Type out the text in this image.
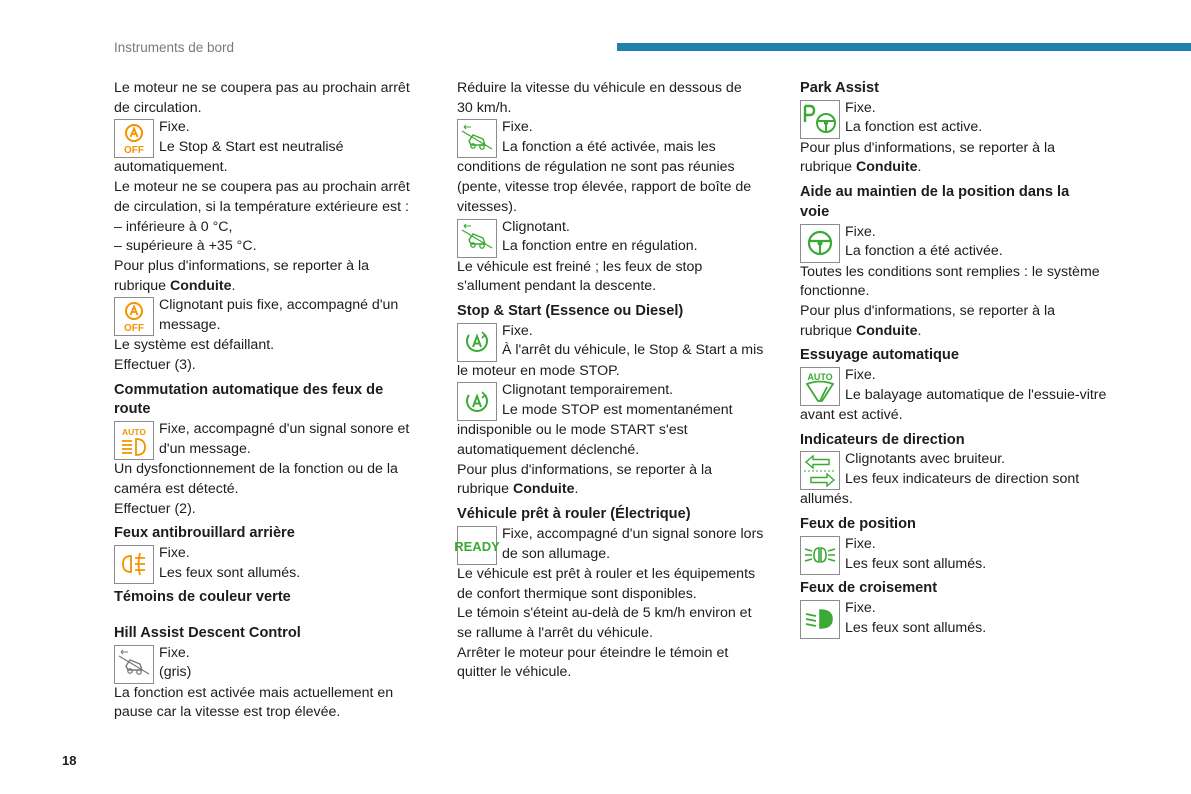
Instruments de bord

Le moteur ne se coupera pas au prochain arrêt

de circulation.

OFF

Fixe.

Le Stop & Start est neutralisé

automatiquement.

Le moteur ne se coupera pas au prochain arrêt

de circulation, si la température extérieure est :

– inférieure à 0 °C,

– supérieure à +35 °C.

Pour plus d'informations, se reporter à la

rubrique Conduite.

OFF

Clignotant puis fixe, accompagné d'un

message.

Le système est défaillant.

Effectuer (3).

Commutation automatique des feux de
route
AUTO Fixe, accompagné d'un signal sonore et

d'un message.

Un dysfonctionnement de la fonction ou de la

caméra est détecté.

Effectuer (2).

Feux antibrouillard arrière

Fixe.

Les feux sont allumés.

Témoins de couleur verte
Hill Assist Descent Control

Fixe.

(gris)

La fonction est activée mais actuellement en

pause car la vitesse est trop élevée.

Réduire la vitesse du véhicule en dessous de

30 km/h.

Fixe.

La fonction a été activée, mais les

conditions de régulation ne sont pas réunies

(pente, vitesse trop élevée, rapport de boîte de

vitesses).

Clignotant.

La fonction entre en régulation.

Le véhicule est freiné ; les feux de stop

s'allument pendant la descente.

Stop & Start (Essence ou Diesel)

Fixe.

À l'arrêt du véhicule, le Stop & Start a mis

le moteur en mode STOP.

Clignotant temporairement.

Le mode STOP est momentanément

indisponible ou le mode START s'est

automatiquement déclenché.

Pour plus d'informations, se reporter à la

rubrique Conduite.

Véhicule prêt à rouler (Électrique)
READY

Fixe, accompagné d'un signal sonore lors

de son allumage.

Le véhicule est prêt à rouler et les équipements

de confort thermique sont disponibles.

Le témoin s'éteint au-delà de 5 km/h environ et

se rallume à l'arrêt du véhicule.

Arrêter le moteur pour éteindre le témoin et

quitter le véhicule.

Park Assist

Fixe.

La fonction est active.

Pour plus d'informations, se reporter à la

rubrique Conduite.

Aide au maintien de la position dans la
voie

Fixe.

La fonction a été activée.

Toutes les conditions sont remplies : le système

fonctionne.

Pour plus d'informations, se reporter à la

rubrique Conduite.

Essuyage automatique
AUTO Fixe.

Le balayage automatique de l'essuie-vitre

avant est activé.

Indicateurs de direction

Clignotants avec bruiteur.

Les feux indicateurs de direction sont

allumés.

Feux de position

Fixe.

Les feux sont allumés.

Feux de croisement

Fixe.

Les feux sont allumés.

18
